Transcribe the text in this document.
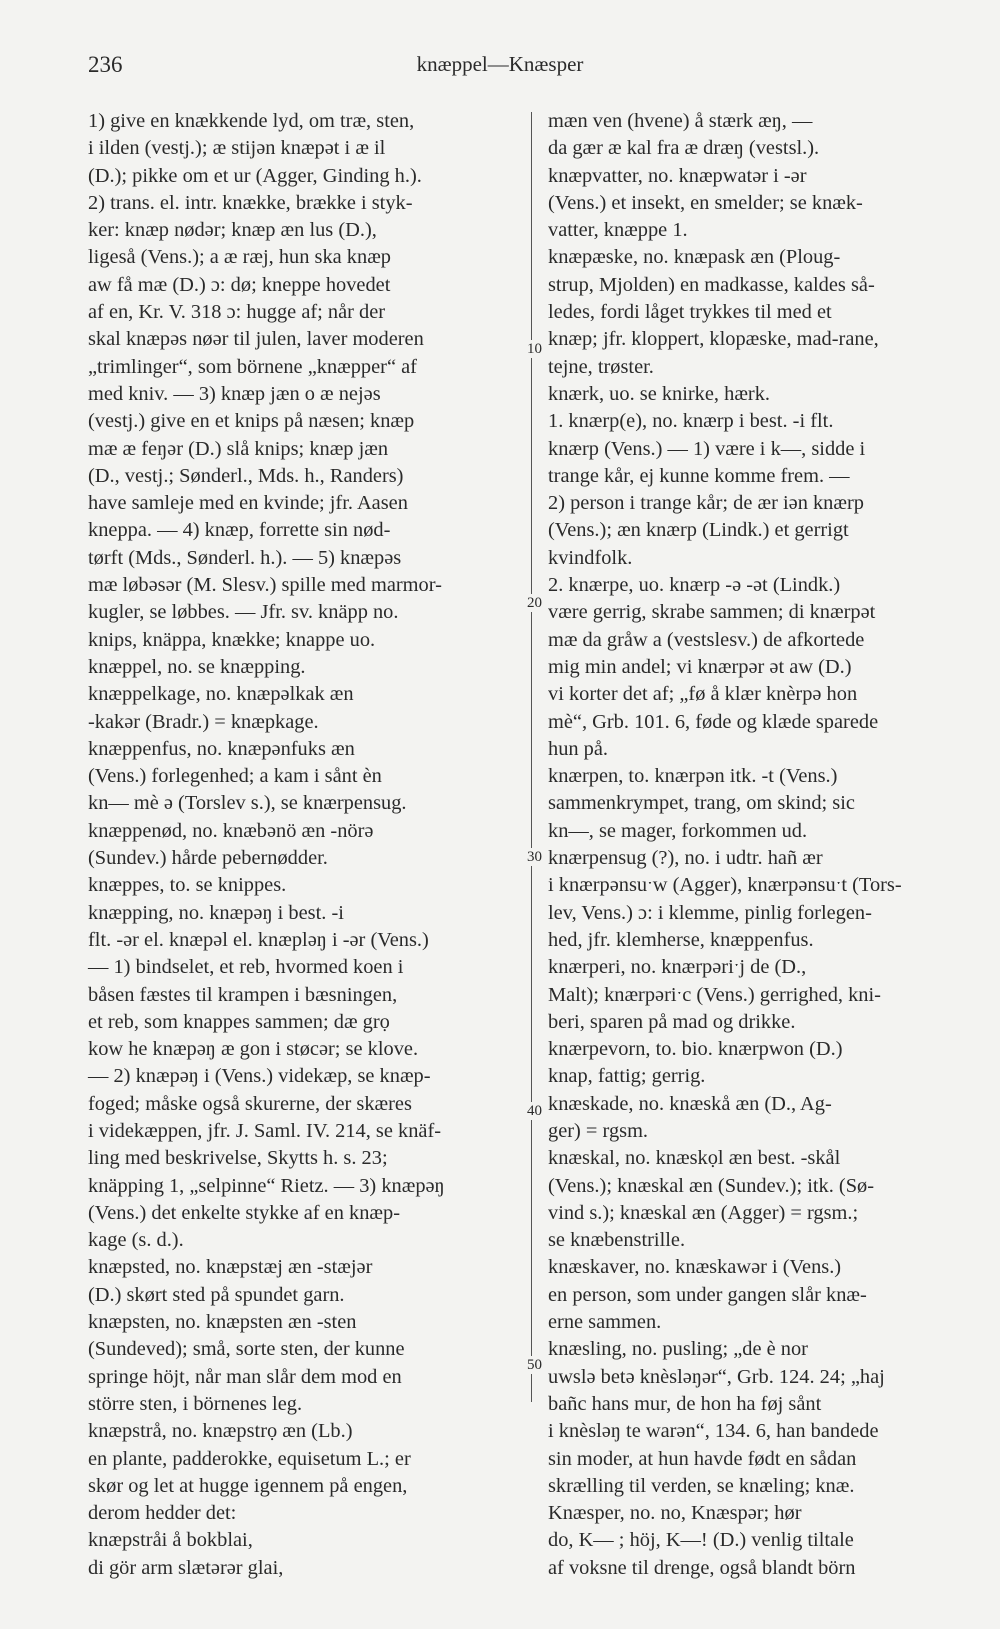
236	knæppel—Knæsper
10
20
30
40
50

1) give en knækkende lyd, om træ, sten,

i ilden (vestj.); æ stijən knæpət i æ il

(D.); pikke om et ur (Agger, Ginding h.).

2) trans. el. intr. knække, brække i styk-

ker: knæp nødər; knæp æn lus (D.),

ligeså (Vens.); a æ ræj, hun ska knæp

aw få mæ (D.) ɔ: dø; kneppe hovedet

af en, Kr. V. 318 ɔ: hugge af; når der

skal knæpəs nøər til julen, laver moderen

„trimlinger“, som börnene „knæpper“ af

med kniv. — 3) knæp jæn o æ nejəs

(vestj.) give en et knips på næsen; knæp

mæ æ feŋər (D.) slå knips; knæp jæn

(D., vestj.; Sønderl., Mds. h., Randers)

have samleje med en kvinde; jfr. Aasen

kneppa. — 4) knæp, forrette sin nød-

tørft (Mds., Sønderl. h.). — 5) knæpəs

mæ løbəsər (M. Slesv.) spille med marmor-

kugler, se løbbes. — Jfr. sv. knäpp no.

knips, knäppa, knække; knappe uo.

knæppel, no. se knæpping.

knæppelkage, no. knæpəlkak æn

-kakər (Bradr.) = knæpkage.

knæppenfus, no. knæpənfuks æn

(Vens.) forlegenhed; a kam i sånt èn

kn— mè ə (Torslev s.), se knærpensug.

knæppenød, no. knæbənö æn -nörə

(Sundev.) hårde pebernødder.

knæppes, to. se knippes.

knæpping, no. knæpəŋ i best. -i

flt. -ər el. knæpəl el. knæpləŋ i -ər (Vens.)

— 1) bindselet, et reb, hvormed koen i

båsen fæstes til krampen i bæsningen,

et reb, som knappes sammen; dæ grọ

kow he knæpəŋ æ gon i støcər; se klove.

— 2) knæpəŋ i (Vens.) videkæp, se knæp-

foged; måske også skurerne, der skæres

i videkæppen, jfr. J. Saml. IV. 214, se knäf-

ling med beskrivelse, Skytts h. s. 23;

knäpping 1, „selpinne“ Rietz. — 3) knæpəŋ

(Vens.) det enkelte stykke af en knæp-

kage (s. d.).

knæpsted, no. knæpstæj æn -stæjər

(D.) skørt sted på spundet garn.

knæpsten, no. knæpsten æn -sten

(Sundeved); små, sorte sten, der kunne

springe höjt, når man slår dem mod en

större sten, i börnenes leg.

knæpstrå, no. knæpstrọ æn (Lb.)

en plante, padderokke, equisetum L.; er

skør og let at hugge igennem på engen,

derom hedder det:

knæpstråi å bokblai,

di gör arm slætərər glai,

mæn ven (hvene) å stærk æŋ, —

da gær æ kal fra æ dræŋ (vestsl.).

knæpvatter, no. knæpwatər i -ər

(Vens.) et insekt, en smelder; se knæk-

vatter, knæppe 1.

knæpæske, no. knæpask æn (Ploug-

strup, Mjolden) en madkasse, kaldes så-

ledes, fordi låget trykkes til med et

knæp; jfr. kloppert, klopæske, mad-rane,

tejne, trøster.

knærk, uo. se knirke, hærk.

1. knærp(e), no. knærp i best. -i flt.

knærp (Vens.) — 1) være i k—, sidde i

trange kår, ej kunne komme frem. —

2) person i trange kår; de ær iən knærp

(Vens.); æn knærp (Lindk.) et gerrigt

kvindfolk.

2. knærpe, uo. knærp -ə -ət (Lindk.)

være gerrig, skrabe sammen; di knærpət

mæ da gråw a (vestslesv.) de afkortede

mig min andel; vi knærpər ət aw (D.)

vi korter det af; „fø å klær knèrpə hon

mè“, Grb. 101. 6, føde og klæde sparede

hun på.

knærpen, to. knærpən itk. -t (Vens.)

sammenkrympet, trang, om skind; sic

kn—, se mager, forkommen ud.

knærpensug (?), no. i udtr. hañ ær

i knærpənsuˑw (Agger), knærpənsuˑt (Tors-

lev, Vens.) ɔ: i klemme, pinlig forlegen-

hed, jfr. klemherse, knæppenfus.

knærperi, no. knærpəriˑj de (D.,

Malt); knærpəriˑc (Vens.) gerrighed, kni-

beri, sparen på mad og drikke.

knærpevorn, to. bio. knærpwon (D.)

knap, fattig; gerrig.

knæskade, no. knæskå æn (D., Ag-

ger) = rgsm.

knæskal, no. knæskọl æn best. -skål

(Vens.); knæskal æn (Sundev.); itk. (Sø-

vind s.); knæskal æn (Agger) = rgsm.;

se knæbenstrille.

knæskaver, no. knæskawər i (Vens.)

en person, som under gangen slår knæ-

erne sammen.

knæsling, no. pusling; „de è nor

uwslə betə knèsləŋər“, Grb. 124. 24; „haj

bañc hans mur, de hon ha føj sånt

i knèsləŋ te warən“, 134. 6, han bandede

sin moder, at hun havde født en sådan

skrælling til verden, se knæling; knæ.

Knæsper, no. no, Knæspər; hør

do, K— ; höj, K—! (D.) venlig tiltale

af voksne til drenge, også blandt börn
